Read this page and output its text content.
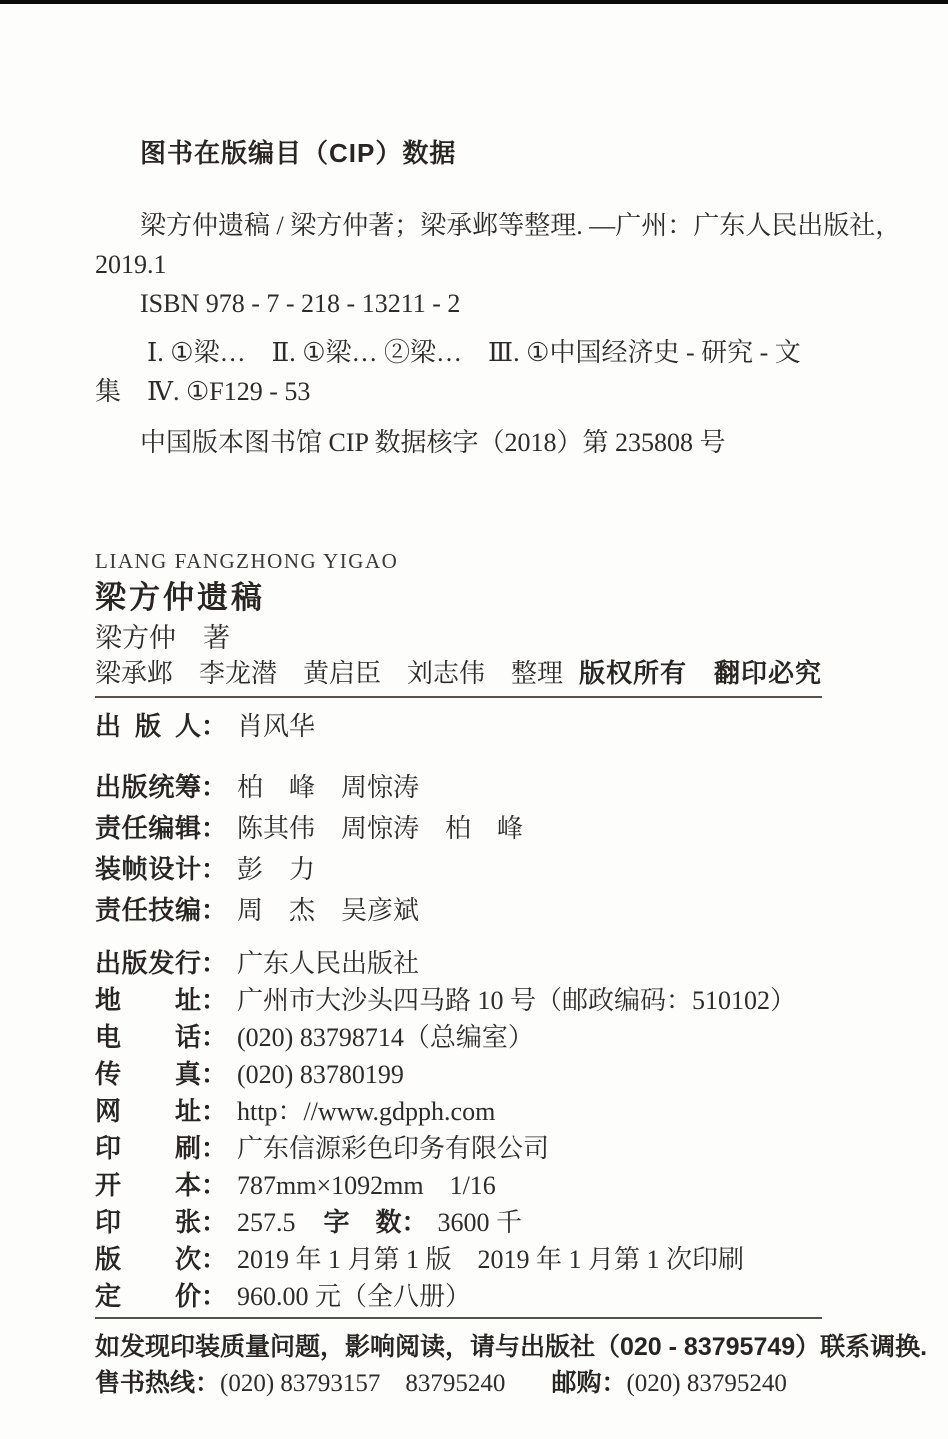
图书在版编目（CIP）数据
梁方仲遗稿 / 梁方仲著；梁承邺等整理. —广州：广东人民出版社，
2019.1
ISBN 978 - 7 - 218 - 13211 - 2
Ⅰ. ①梁…　Ⅱ. ①梁… ②梁…　Ⅲ. ①中国经济史 - 研究 - 文
集　Ⅳ. ①F129 - 53
中国版本图书馆 CIP 数据核字（2018）第 235808 号
LIANG FANGZHONG YIGAO
梁方仲遗稿
梁方仲　著
梁承邺　李龙潜　黄启臣　刘志伟　整理 版权所有　翻印必究
出版人： 肖风华
出版统筹： 柏　峰　周惊涛
责任编辑： 陈其伟　周惊涛　柏　峰
装帧设计： 彭　力
责任技编： 周　杰　吴彦斌
出版发行： 广东人民出版社
地址： 广州市大沙头四马路 10 号（邮政编码：510102）
电话： (020) 83798714（总编室）
传真： (020) 83780199
网址： http：//www.gdpph.com
印刷： 广东信源彩色印务有限公司
开本： 787mm×1092mm　1/16
印张： 257.5 字　数： 3600 千
版次： 2019 年 1 月第 1 版　2019 年 1 月第 1 次印刷
定价： 960.00 元（全八册）
如发现印装质量问题，影响阅读，请与出版社（020 - 83795749）联系调换.
售书热线：(020) 83793157　83795240 邮购：(020) 83795240
